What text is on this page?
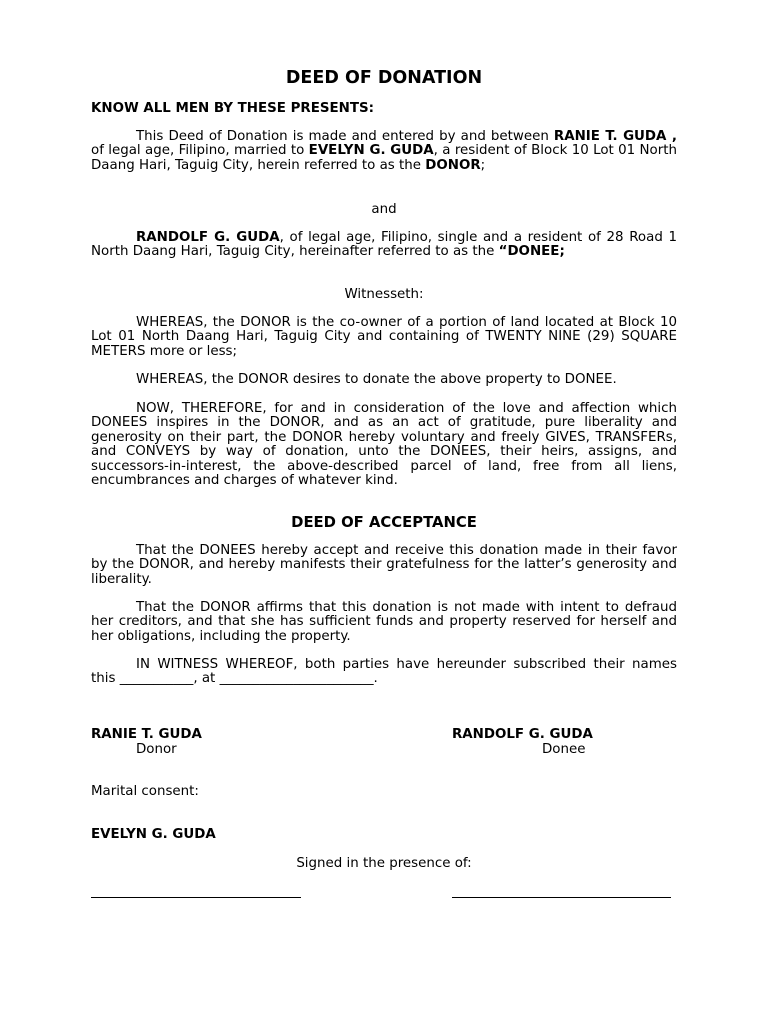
DEED OF DONATION
KNOW ALL MEN BY THESE PRESENTS:

This Deed of Donation is made and entered by and between RANIE T. GUDA , of legal age, Filipino, married to EVELYN G. GUDA, a resident of Block 10 Lot 01 North Daang Hari, Taguig City, herein referred to as the DONOR;

and

RANDOLF G. GUDA, of legal age, Filipino, single and a resident of 28 Road 1 North Daang Hari, Taguig City, hereinafter referred to as the “DONEE;

Witnesseth:

WHEREAS, the DONOR is the co-owner of a portion of land located at Block 10 Lot 01 North Daang Hari, Taguig City and containing of TWENTY NINE (29) SQUARE METERS more or less;

WHEREAS, the DONOR desires to donate the above property to DONEE.

NOW, THEREFORE, for and in consideration of the love and affection which DONEES inspires in the DONOR, and as an act of gratitude, pure liberality and generosity on their part, the DONOR hereby voluntary and freely GIVES, TRANSFERs, and CONVEYS by way of donation, unto the DONEES, their heirs, assigns, and successors-in-interest, the above-described parcel of land, free from all liens, encumbrances and charges of whatever kind.

DEED OF ACCEPTANCE

That the DONEES hereby accept and receive this donation made in their favor by the DONOR, and hereby manifests their gratefulness for the latter’s generosity and liberality.

That the DONOR affirms that this donation is not made with intent to defraud her creditors, and that she has sufficient funds and property reserved for herself and her obligations, including the property.

IN WITNESS WHEREOF, both parties have hereunder subscribed their names this ___________, at _______________________.

RANIE T. GUDA
Donor
RANDOLF G. GUDA
Donee
Marital consent:
EVELYN G. GUDA
Signed in the presence of:
